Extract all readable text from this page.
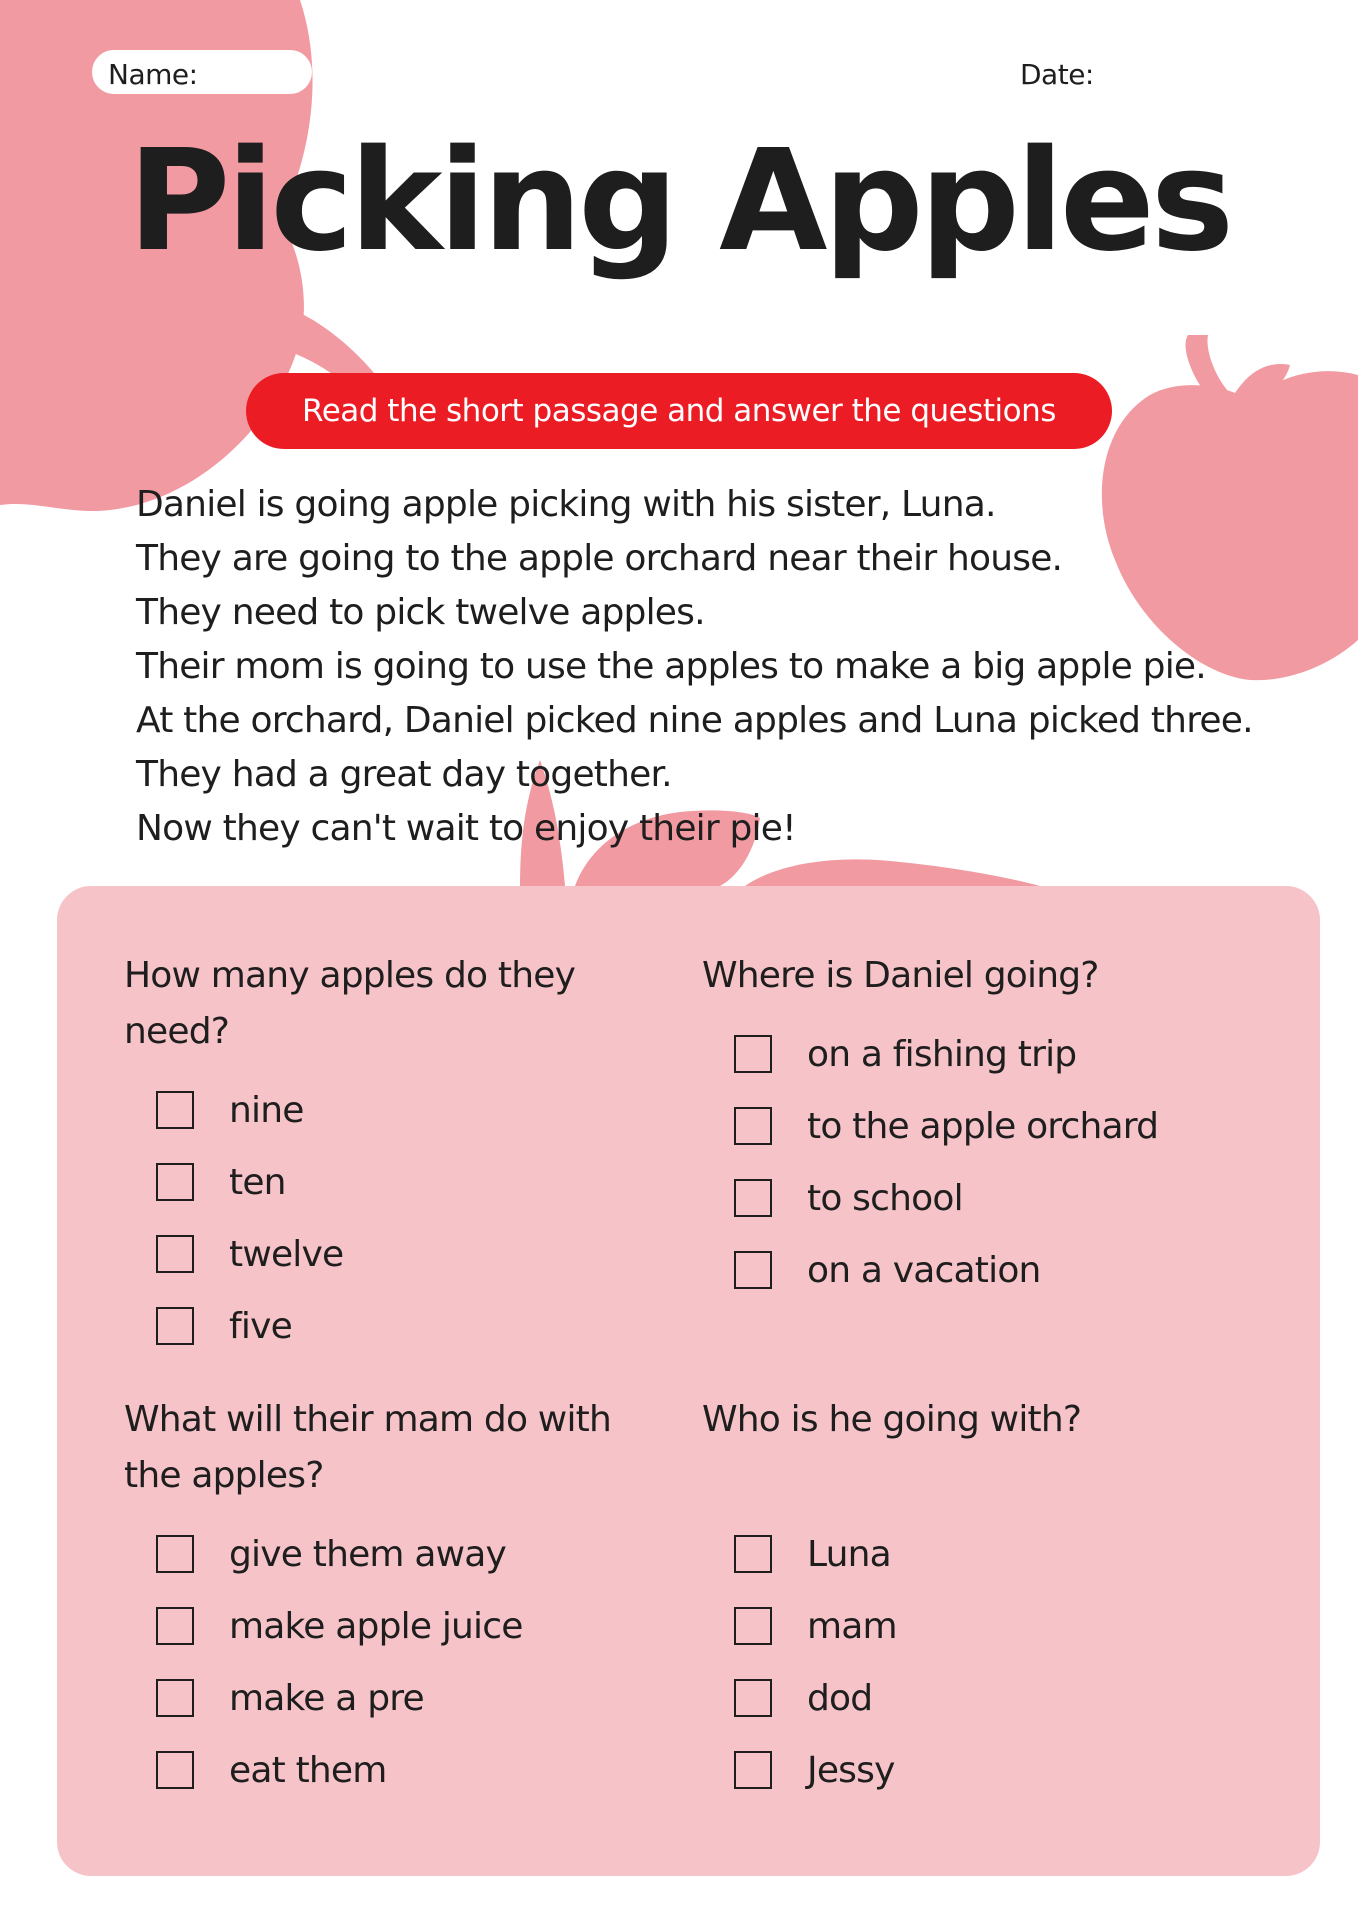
Name:	Date:
Picking Apples
Read the short passage and answer the questions
Daniel is going apple picking with his sister, Luna.
They are going to the apple orchard near their house.
They need to pick twelve apples.
Their mom is going to use the apples to make a big apple pie.
At the orchard, Daniel picked nine apples and Luna picked three.
They had a great day together.
Now they can't wait to enjoy their pie!
How many apples do they need?
nine
ten
twelve
five
Where is Daniel going?
on a fishing trip
to the apple orchard
to school
on a vacation
What will their mam do with the apples?
give them away
make apple juice
make a pre
eat them
Who is he going with?
Luna
mam
dod
Jessy
